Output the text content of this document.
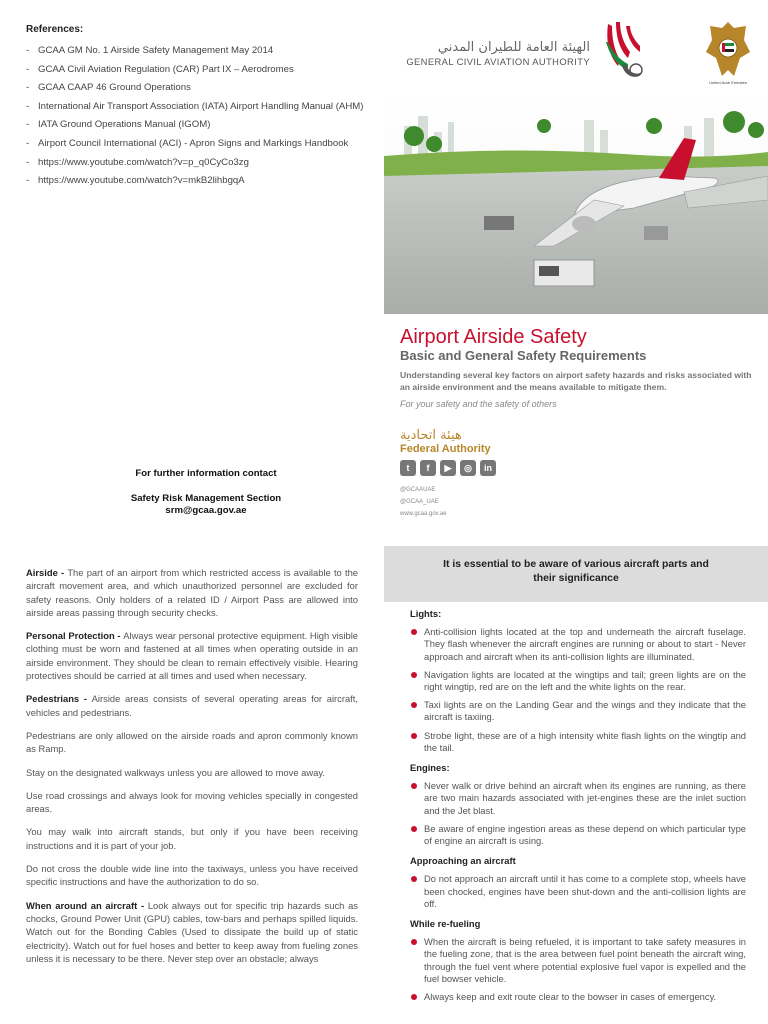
References:
- GCAA GM No. 1 Airside Safety Management May 2014
- GCAA Civil Aviation Regulation (CAR) Part IX – Aerodromes
- GCAA CAAP 46 Ground Operations
- International Air Transport Association (IATA) Airport Handling Manual (AHM)
- IATA Ground Operations Manual (IGOM)
- Airport Council International (ACI) - Apron Signs and Markings Handbook
- https://www.youtube.com/watch?v=p_q0CyCo3zg
- https://www.youtube.com/watch?v=mkB2lihbgqA
الهيئة العامة للطيران المدني
GENERAL CIVIL AVIATION AUTHORITY
United Arab Emirates
Airport Airside Safety
Basic and General Safety Requirements
Understanding several key factors on airport safety hazards and risks associated with an airside environment and the means available to mitigate them.
For your safety and the safety of others
هيئة اتحادية
Federal Authority
t	f	▶	◎	in
@GCAAUAE
@GCAA_UAE
www.gcaa.gov.ae
For further information contact
Safety Risk Management Section
srm@gcaa.gov.ae

Airside - The part of an airport from which restricted access is available to the aircraft movement area, and which unauthorized personnel are excluded for safety reasons. Only holders of a related ID / Airport Pass are allowed into airside areas passing through security checks.

Personal Protection - Always wear personal protective equipment. High visible clothing must be worn and fastened at all times when operating outside in an airside environment. They should be clean to remain effectively visible. Hearing protectives should be carried at all times and used when necessary.

Pedestrians - Airside areas consists of several operating areas for aircraft, vehicles and pedestrians.

Pedestrians are only allowed on the airside roads and apron commonly known as Ramp.

Stay on the designated walkways unless you are allowed to move away.

Use road crossings and always look for moving vehicles specially in congested areas.

You may walk into aircraft stands, but only if you have been receiving instructions and it is part of your job.

Do not cross the double wide line into the taxiways, unless you have received specific instructions and have the authorization to do so.

When around an aircraft - Look always out for specific trip hazards such as chocks, Ground Power Unit (GPU) cables, tow-bars and perhaps spilled liquids. Watch out for the Bonding Cables (Used to dissipate the build up of static electricity). Watch out for fuel hoses and better to keep away from fueling zones unless it is necessary to be there. Never step over an obstacle; always

It is essential to be aware of various aircraft parts and their significance
Lights:
Anti-collision lights located at the top and underneath the aircraft fuselage. They flash whenever the aircraft engines are running or about to start - Never approach and aircraft when its anti-collision lights are illuminated.
Navigation lights are located at the wingtips and tail; green lights are on the right wingtip, red are on the left and the white lights on the rear.
Taxi lights are on the Landing Gear and the wings and they indicate that the aircraft is taxiing.
Strobe light, these are of a high intensity white flash lights on the wingtip and the tail.
Engines:
Never walk or drive behind an aircraft when its engines are running, as there are two main hazards associated with jet-engines these are the inlet suction and the Jet blast.
Be aware of engine ingestion areas as these depend on which particular type of engine an aircraft is using.
Approaching an aircraft
Do not approach an aircraft until it has come to a complete stop, wheels have been chocked, engines have been shut-down and the anti-collision lights are off.
While re-fueling
When the aircraft is being refueled, it is important to take safety measures in the fueling zone, that is the area between fuel point beneath the aircraft wing, through the fuel vent where potential explosive fuel vapor is expelled and the fuel bowser vehicle.
Always keep and exit route clear to the bowser in cases of emergency.
